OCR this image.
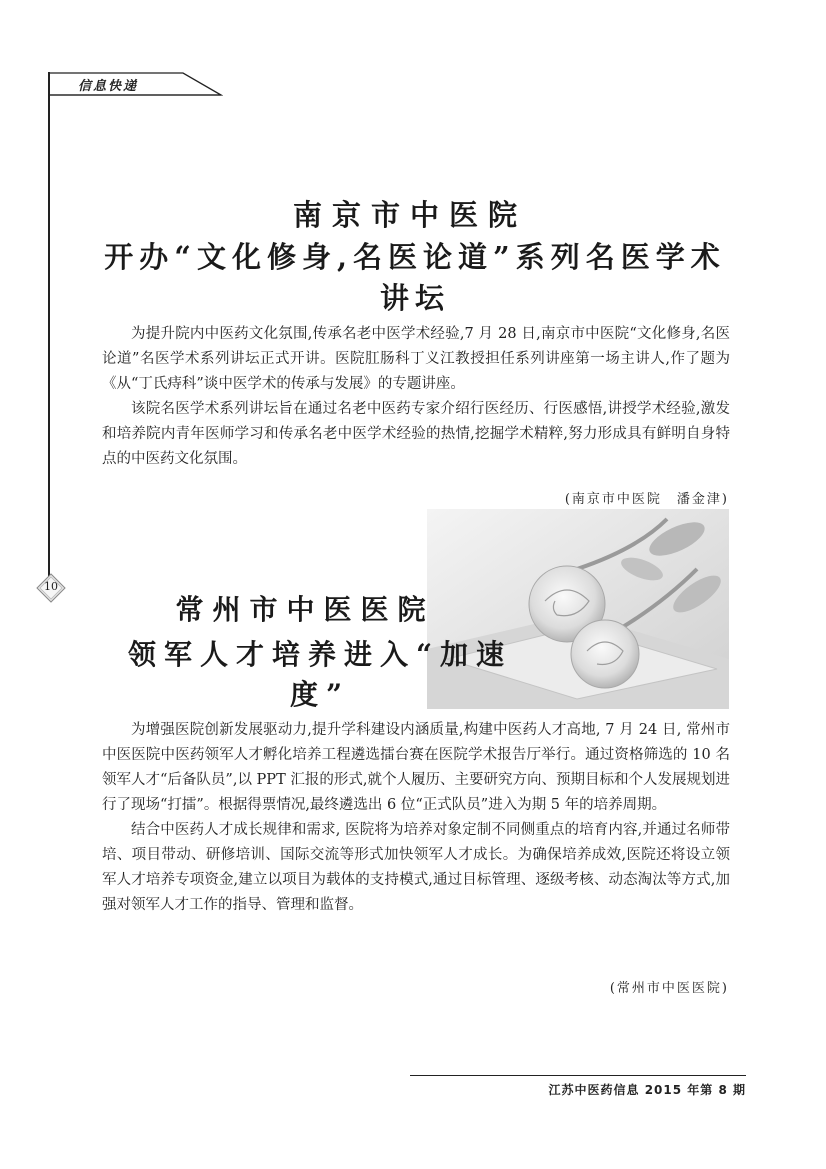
信息快递
10
南京市中医院
开办“文化修身,名医论道”系列名医学术讲坛

为提升院内中医药文化氛围,传承名老中医学术经验,7 月 28 日,南京市中医院“文化修身,名医论道”名医学术系列讲坛正式开讲。医院肛肠科丁义江教授担任系列讲座第一场主讲人,作了题为《从“丁氏痔科”谈中医学术的传承与发展》的专题讲座。

该院名医学术系列讲坛旨在通过名老中医药专家介绍行医经历、行医感悟,讲授学术经验,激发和培养院内青年医师学习和传承名老中医学术经验的热情,挖掘学术精粹,努力形成具有鲜明自身特点的中医药文化氛围。

(南京市中医院　潘金津)
常州市中医医院
领军人才培养进入“加速度”

为增强医院创新发展驱动力,提升学科建设内涵质量,构建中医药人才高地, 7 月 24 日, 常州市中医医院中医药领军人才孵化培养工程遴选擂台赛在医院学术报告厅举行。通过资格筛选的 10 名领军人才“后备队员”,以 PPT 汇报的形式,就个人履历、主要研究方向、预期目标和个人发展规划进行了现场“打擂”。根据得票情况,最终遴选出 6 位“正式队员”进入为期 5 年的培养周期。

结合中医药人才成长规律和需求, 医院将为培养对象定制不同侧重点的培育内容,并通过名师带培、项目带动、研修培训、国际交流等形式加快领军人才成长。为确保培养成效,医院还将设立领军人才培养专项资金,建立以项目为载体的支持模式,通过目标管理、逐级考核、动态淘汰等方式,加强对领军人才工作的指导、管理和监督。

(常州市中医医院)
江苏中医药信息 2015 年第 8 期
